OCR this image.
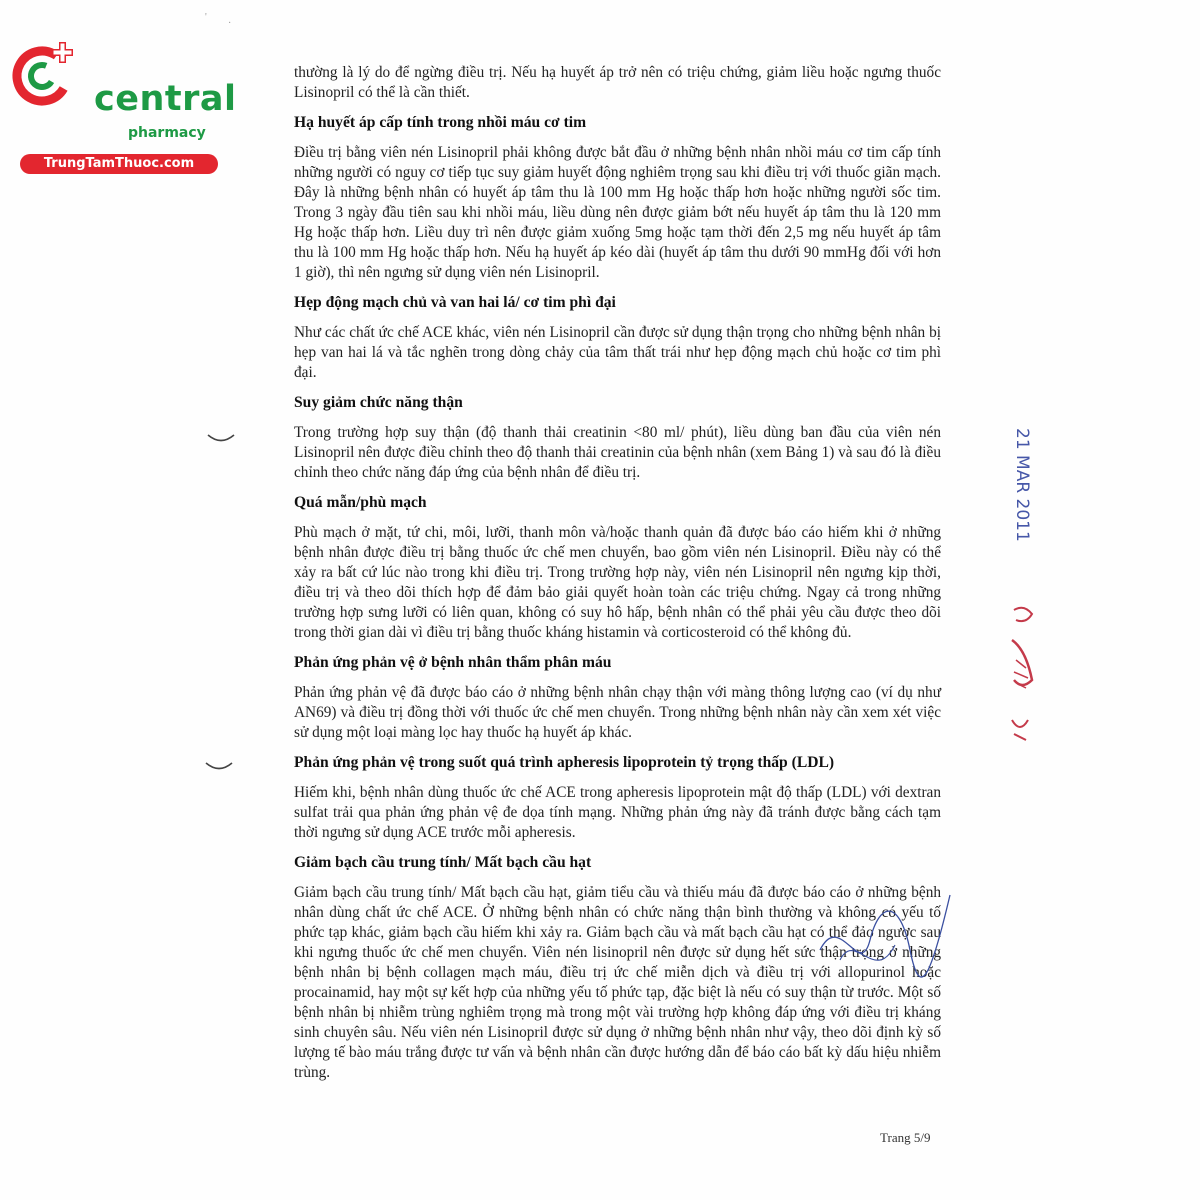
central
pharmacy
TrungTamThuoc.com
'
·

thường là lý do để ngừng điều trị. Nếu hạ huyết áp trở nên có triệu chứng, giảm liều hoặc ngưng thuốc Lisinopril có thể là cần thiết.

Hạ huyết áp cấp tính trong nhồi máu cơ tim

Điều trị bằng viên nén Lisinopril phải không được bắt đầu ở những bệnh nhân nhồi máu cơ tim cấp tính những người có nguy cơ tiếp tục suy giảm huyết động nghiêm trọng sau khi điều trị với thuốc giãn mạch. Đây là những bệnh nhân có huyết áp tâm thu là 100 mm Hg hoặc thấp hơn hoặc những người sốc tim. Trong 3 ngày đầu tiên sau khi nhồi máu, liều dùng nên được giảm bớt nếu huyết áp tâm thu là 120 mm Hg hoặc thấp hơn. Liều duy trì nên được giảm xuống 5mg hoặc tạm thời đến 2,5 mg nếu huyết áp tâm thu là 100 mm Hg hoặc thấp hơn. Nếu hạ huyết áp kéo dài (huyết áp tâm thu dưới 90 mmHg đối với hơn 1 giờ), thì nên ngưng sử dụng viên nén Lisinopril.

Hẹp động mạch chủ và van hai lá/ cơ tim phì đại

Như các chất ức chế ACE khác, viên nén Lisinopril cần được sử dụng thận trọng cho những bệnh nhân bị hẹp van hai lá và tắc nghẽn trong dòng chảy của tâm thất trái như hẹp động mạch chủ hoặc cơ tim phì đại.

Suy giảm chức năng thận

Trong trường hợp suy thận (độ thanh thải creatinin <80 ml/ phút), liều dùng ban đầu của viên nén Lisinopril nên được điều chỉnh theo độ thanh thải creatinin của bệnh nhân (xem Bảng 1) và sau đó là điều chỉnh theo chức năng đáp ứng của bệnh nhân để điều trị.

Quá mẫn/phù mạch

Phù mạch ở mặt, tứ chi, môi, lưỡi, thanh môn và/hoặc thanh quản đã được báo cáo hiếm khi ở những bệnh nhân được điều trị bằng thuốc ức chế men chuyển, bao gồm viên nén Lisinopril. Điều này có thể xảy ra bất cứ lúc nào trong khi điều trị. Trong trường hợp này, viên nén Lisinopril nên ngưng kịp thời, điều trị và theo dõi thích hợp để đảm bảo giải quyết hoàn toàn các triệu chứng. Ngay cả trong những trường hợp sưng lưỡi có liên quan, không có suy hô hấp, bệnh nhân có thể phải yêu cầu được theo dõi trong thời gian dài vì điều trị bằng thuốc kháng histamin và corticosteroid có thể không đủ.

Phản ứng phản vệ ở bệnh nhân thẩm phân máu

Phản ứng phản vệ đã được báo cáo ở những bệnh nhân chạy thận với màng thông lượng cao (ví dụ như AN69) và điều trị đồng thời với thuốc ức chế men chuyển. Trong những bệnh nhân này cần xem xét việc sử dụng một loại màng lọc hay thuốc hạ huyết áp khác.

Phản ứng phản vệ trong suốt quá trình apheresis lipoprotein tỷ trọng thấp (LDL)

Hiếm khi, bệnh nhân dùng thuốc ức chế ACE trong apheresis lipoprotein mật độ thấp (LDL) với dextran sulfat trải qua phản ứng phản vệ đe dọa tính mạng. Những phản ứng này đã tránh được bằng cách tạm thời ngưng sử dụng ACE trước mỗi apheresis.

Giảm bạch cầu trung tính/ Mất bạch cầu hạt

Giảm bạch cầu trung tính/ Mất bạch cầu hạt, giảm tiểu cầu và thiếu máu đã được báo cáo ở những bệnh nhân dùng chất ức chế ACE. Ở những bệnh nhân có chức năng thận bình thường và không có yếu tố phức tạp khác, giảm bạch cầu hiếm khi xảy ra. Giảm bạch cầu và mất bạch cầu hạt có thể đảo ngược sau khi ngưng thuốc ức chế men chuyển. Viên nén lisinopril nên được sử dụng hết sức thận trọng ở những bệnh nhân bị bệnh collagen mạch máu, điều trị ức chế miễn dịch và điều trị với allopurinol hoặc procainamid, hay một sự kết hợp của những yếu tố phức tạp, đặc biệt là nếu có suy thận từ trước. Một số bệnh nhân bị nhiễm trùng nghiêm trọng mà trong một vài trường hợp không đáp ứng với điều trị kháng sinh chuyên sâu. Nếu viên nén Lisinopril được sử dụng ở những bệnh nhân như vậy, theo dõi định kỳ số lượng tế bào máu trắng được tư vấn và bệnh nhân cần được hướng dẫn để báo cáo bất kỳ dấu hiệu nhiễm trùng.

21 MAR 2011
Trang 5/9
